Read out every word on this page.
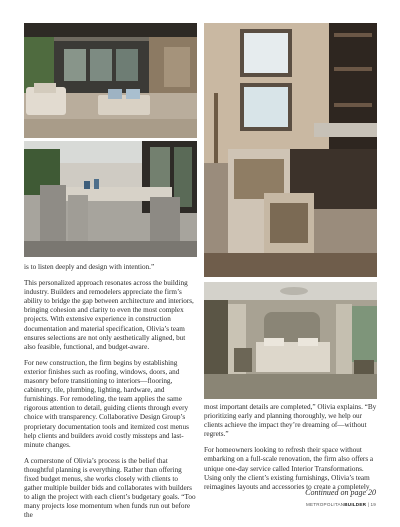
is to listen deeply and design with intention.”

This personalized approach resonates across the building industry. Builders and remodelers appreciate the firm’s ability to bridge the gap between architecture and interiors, bringing cohesion and clarity to even the most complex projects. With extensive experience in construction documentation and material specification, Olivia’s team ensures selections are not only aesthetically aligned, but also feasible, functional, and budget-aware.

For new construction, the firm begins by establishing exterior finishes such as roofing, windows, doors, and masonry before transitioning to interiors—flooring, cabinetry, tile, plumbing, lighting, hardware, and furnishings. For remodeling, the team applies the same rigorous attention to detail, guiding clients through every choice with transparency. Collaborative Design Group’s proprietary documentation tools and itemized cost menus help clients and builders avoid costly missteps and last-minute changes.

A cornerstone of Olivia’s process is the belief that thoughtful planning is everything. Rather than offering fixed budget menus, she works closely with clients to gather multiple builder bids and collaborates with builders to align the project with each client’s budgetary goals. “Too many projects lose momentum when funds run out before the

most important details are completed,” Olivia explains. “By prioritizing early and planning thoroughly, we help our clients achieve the impact they’re dreaming of—without regrets.”

For homeowners looking to refresh their space without embarking on a full-scale renovation, the firm also offers a unique one-day service called Interior Transformations. Using only the client’s existing furnishings, Olivia’s team reimagines layouts and accessories to create a completely

Continued on page 20
METROPOLITANBUILDER | 19
